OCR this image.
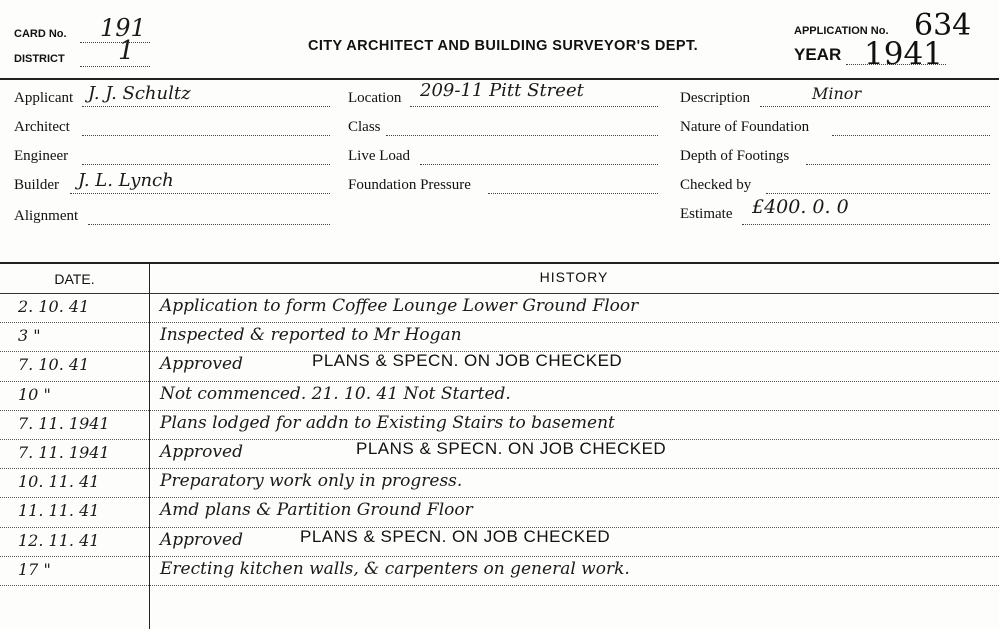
CARD No. 191
DISTRICT 1	CITY ARCHITECT AND BUILDING SURVEYOR'S DEPT.
APPLICATION No. 634
YEAR 1941
Applicant J. J. Schultz
Architect
Engineer
Builder J. L. Lynch
Alignment
Location 209-11 Pitt Street
Class
Live Load
Foundation Pressure
Description	Minor
Nature of Foundation
Depth of Footings
Checked by
Estimate £400. 0. 0
DATE.	HISTORY
2. 10. 41	Application to form Coffee Lounge Lower Ground Floor
3 "	Inspected & reported to Mr Hogan
7. 10. 41	Approved	PLANS & SPECN. ON JOB CHECKED
10 "	Not commenced. 21. 10. 41 Not Started.
7. 11. 1941	Plans lodged for addn to Existing Stairs to basement
7. 11. 1941	Approved	PLANS & SPECN. ON JOB CHECKED
10. 11. 41	Preparatory work only in progress.
11. 11. 41	Amd plans & Partition Ground Floor
12. 11. 41	Approved	PLANS & SPECN. ON JOB CHECKED
17 "	Erecting kitchen walls, & carpenters on general work.
